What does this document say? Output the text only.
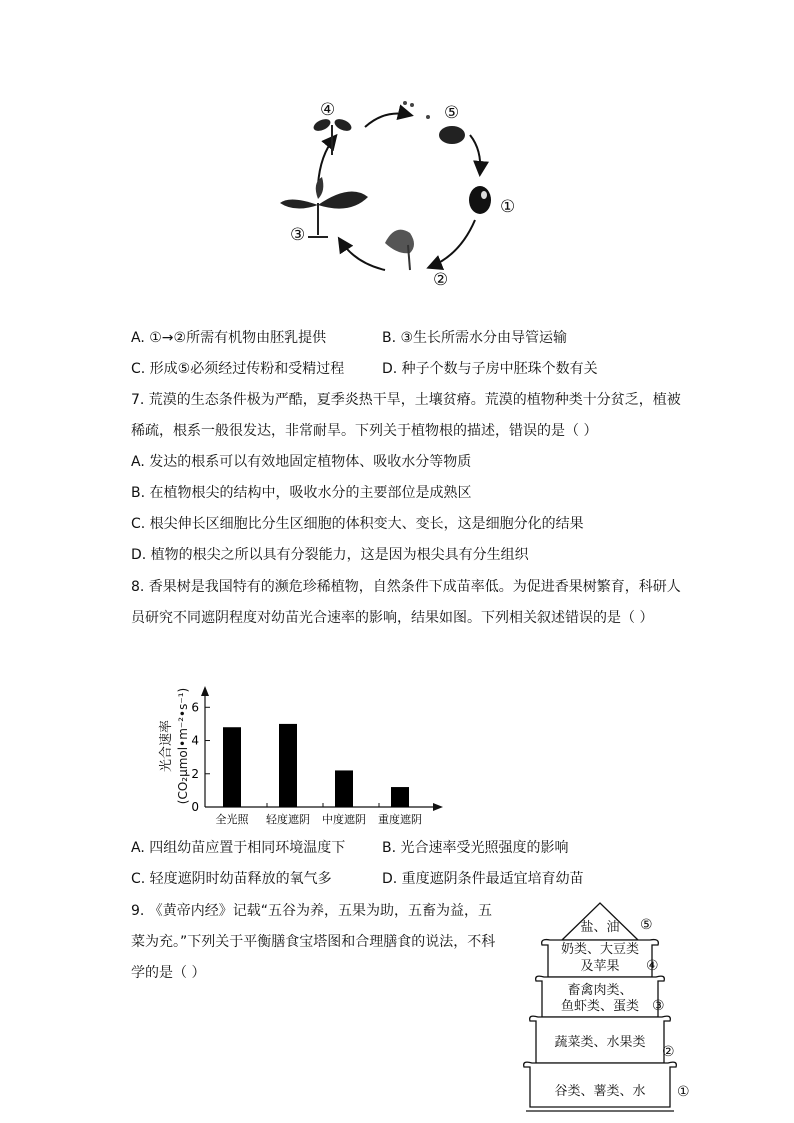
④	⑤
①
②
③
A. ①→②所需有机物由胚乳提供	B. ③生长所需水分由导管运输
C. 形成⑤必须经过传粉和受精过程	D. 种子个数与子房中胚珠个数有关
7. 荒漠的生态条件极为严酷，夏季炎热干旱，土壤贫瘠。荒漠的植物种类十分贫乏，植被
稀疏，根系一般很发达，非常耐旱。下列关于植物根的描述，错误的是（ ）
A. 发达的根系可以有效地固定植物体、吸收水分等物质
B. 在植物根尖的结构中，吸收水分的主要部位是成熟区
C. 根尖伸长区细胞比分生区细胞的体积变大、变长，这是细胞分化的结果
D. 植物的根尖之所以具有分裂能力，这是因为根尖具有分生组织
8. 香果树是我国特有的濒危珍稀植物，自然条件下成苗率低。为促进香果树繁育，科研人
员研究不同遮阴程度对幼苗光合速率的影响，结果如图。下列相关叙述错误的是（ ）
0
2
4
6
全光照 轻度遮阴 中度遮阴 重度遮阴
光合速率 (CO₂μmol•m⁻²•s⁻¹)
A. 四组幼苗应置于相同环境温度下	B. 光合速率受光照强度的影响
C. 轻度遮阴时幼苗释放的氧气多	D. 重度遮阴条件最适宜培育幼苗
9. 《黄帝内经》记载“五谷为养，五果为助，五畜为益，五
菜为充。”下列关于平衡膳食宝塔图和合理膳食的说法，不科
学的是（ ）
盐、油	⑤
奶类、大豆类
及苹果	④
畜禽肉类、
鱼虾类、蛋类 ③
蔬菜类、水果类
②
谷类、薯类、水	①
